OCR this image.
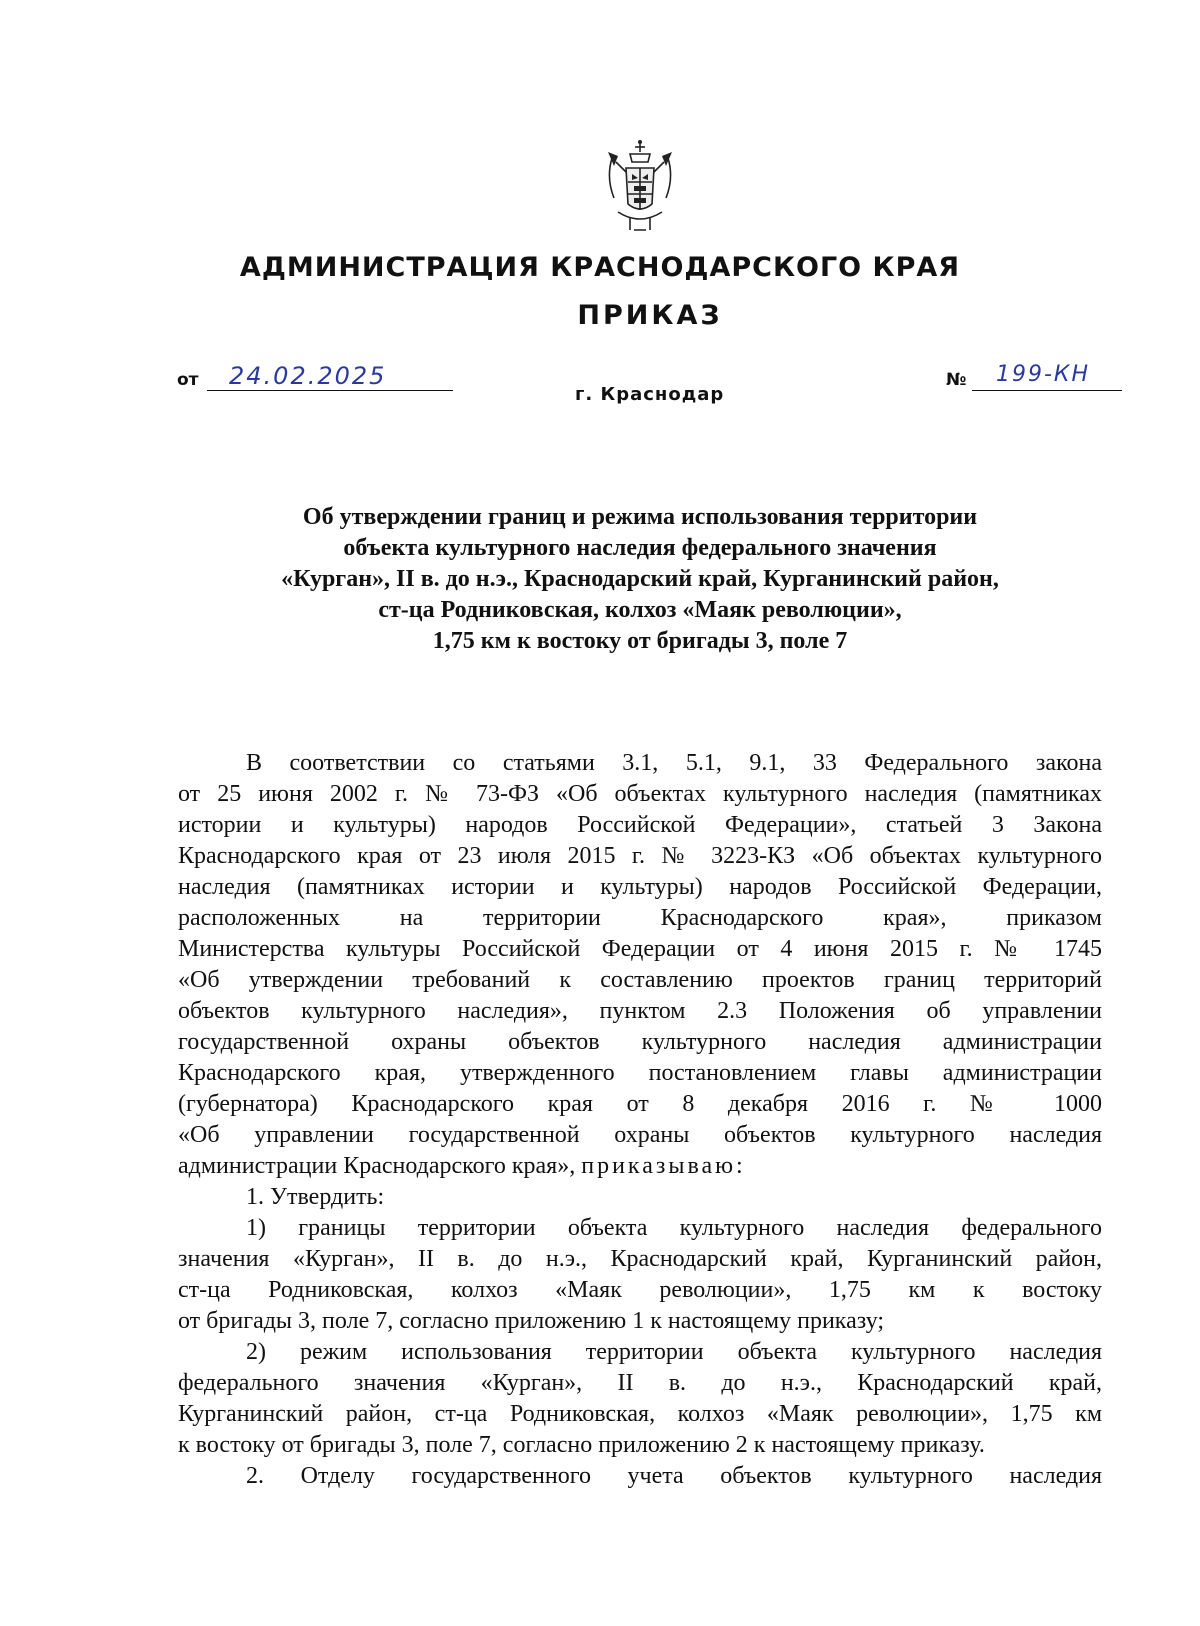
АДМИНИСТРАЦИЯ КРАСНОДАРСКОГО КРАЯ
ПРИКАЗ
от 24.02.2025	№ 199-КН
г. Краснодар
Об утверждении границ и режима использования территории
объекта культурного наследия федерального значения
«Курган», II в. до н.э., Краснодарский край, Курганинский район,
ст-ца Родниковская, колхоз «Маяк революции»,
1,75 км к востоку от бригады 3, поле 7
В соответствии со статьями 3.1, 5.1, 9.1, 33 Федерального закона
от 25 июня 2002 г. № 73-ФЗ «Об объектах культурного наследия (памятниках
истории и культуры) народов Российской Федерации», статьей 3 Закона
Краснодарского края от 23 июля 2015 г. № 3223-КЗ «Об объектах культурного
наследия (памятниках истории и культуры) народов Российской Федерации,
расположенных на территории Краснодарского края», приказом
Министерства культуры Российской Федерации от 4 июня 2015 г. № 1745
«Об утверждении требований к составлению проектов границ территорий
объектов культурного наследия», пунктом 2.3 Положения об управлении
государственной охраны объектов культурного наследия администрации
Краснодарского края, утвержденного постановлением главы администрации
(губернатора) Краснодарского края от 8 декабря 2016 г. № 1000
«Об управлении государственной охраны объектов культурного наследия
администрации Краснодарского края», приказываю:
1. Утвердить:
1) границы территории объекта культурного наследия федерального
значения «Курган», II в. до н.э., Краснодарский край, Курганинский район,
ст-ца Родниковская, колхоз «Маяк революции», 1,75 км к востоку
от бригады 3, поле 7, согласно приложению 1 к настоящему приказу;
2) режим использования территории объекта культурного наследия
федерального значения «Курган», II в. до н.э., Краснодарский край,
Курганинский район, ст-ца Родниковская, колхоз «Маяк революции», 1,75 км
к востоку от бригады 3, поле 7, согласно приложению 2 к настоящему приказу.
2. Отделу государственного учета объектов культурного наследия
